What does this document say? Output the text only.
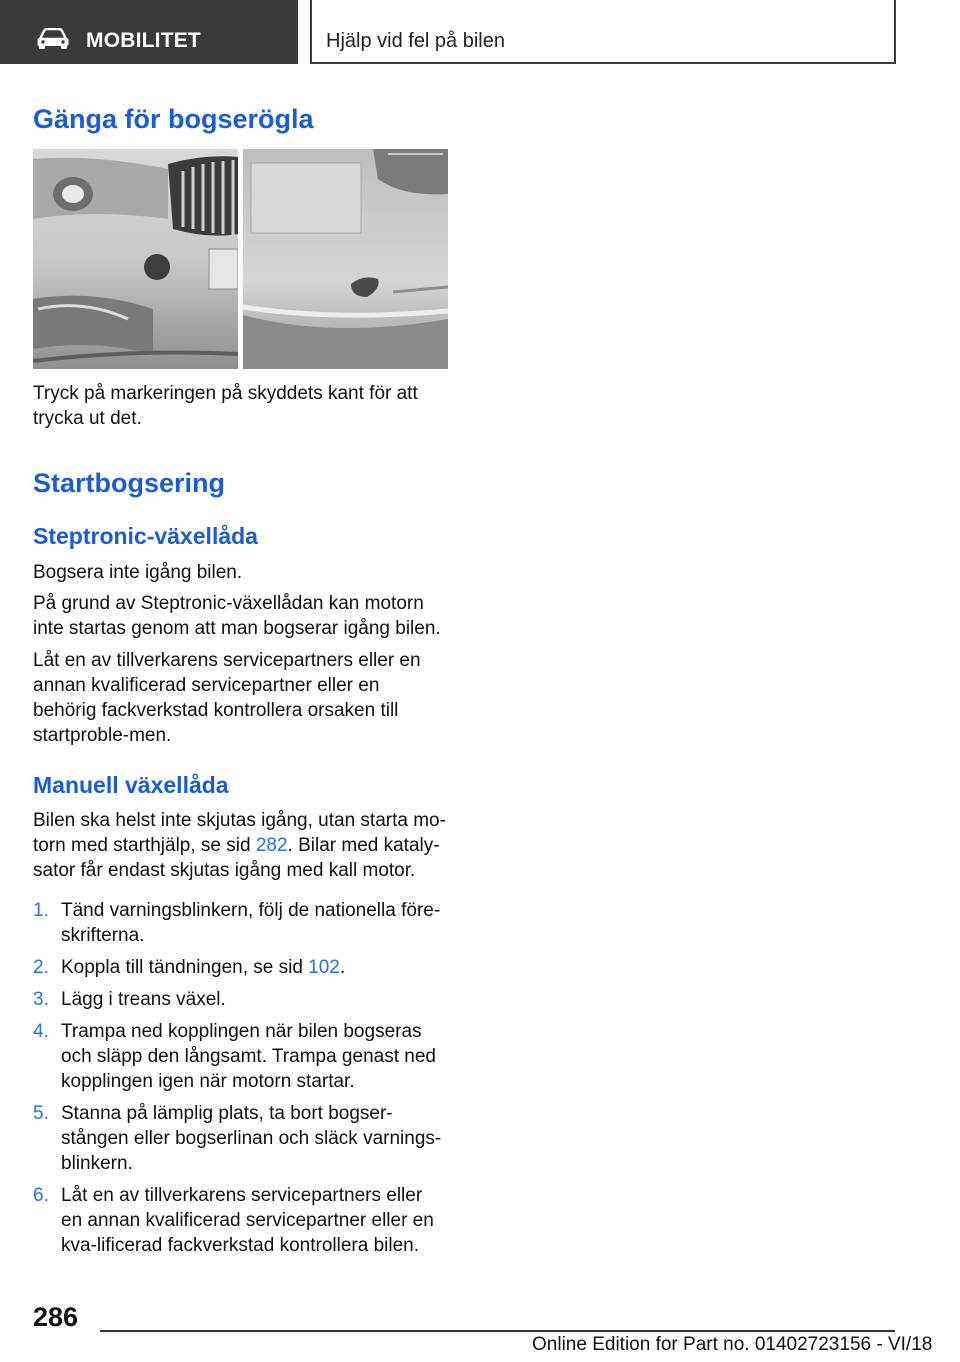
MOBILITET	Hjälp vid fel på bilen
Gänga för bogserögla
Tryck på markeringen på skyddets kant för att trycka ut det.
Startbogsering
Steptronic-växellåda
Bogsera inte igång bilen.
På grund av Steptronic-växellådan kan motorn inte startas genom att man bogserar igång bilen.
Låt en av tillverkarens servicepartners eller en annan kvalificerad servicepartner eller en behörig fackverkstad kontrollera orsaken till startproble-men.
Manuell växellåda
Bilen ska helst inte skjutas igång, utan starta mo-torn med starthjälp, se sid 282. Bilar med kataly-sator får endast skjutas igång med kall motor.
1. Tänd varningsblinkern, följ de nationella före-skrifterna.
2. Koppla till tändningen, se sid 102.
3. Lägg i treans växel.
4. Trampa ned kopplingen när bilen bogseras och släpp den långsamt. Trampa genast ned kopplingen igen när motorn startar.
5. Stanna på lämplig plats, ta bort bogser-stången eller bogserlinan och släck varnings-blinkern.
6. Låt en av tillverkarens servicepartners eller en annan kvalificerad servicepartner eller en kva-lificerad fackverkstad kontrollera bilen.
286
Online Edition for Part no. 01402723156 - VI/18
